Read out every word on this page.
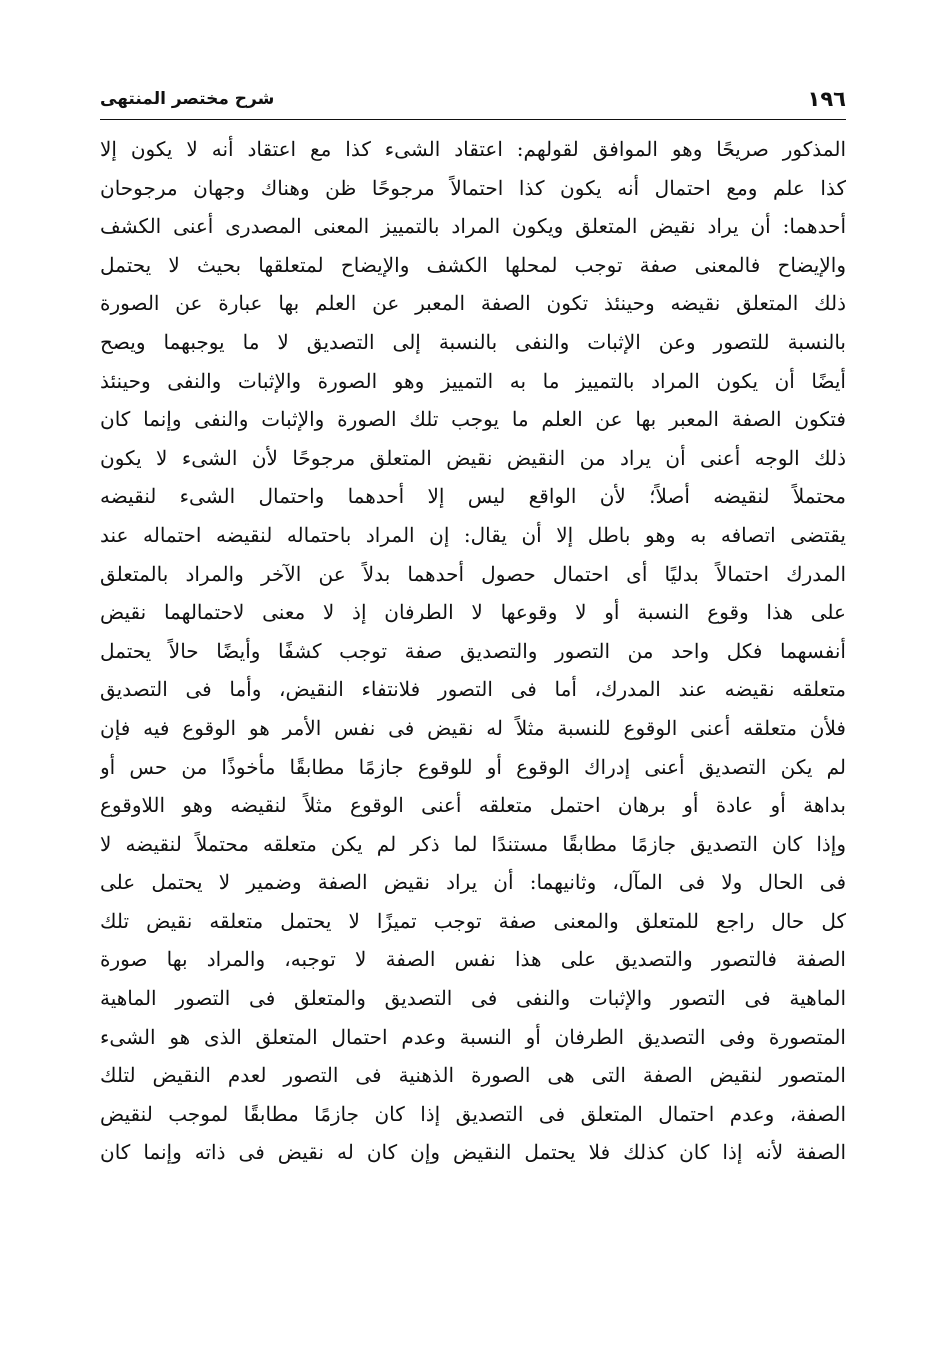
١٩٦
شرح مختصر المنتهى
المذكور صريحًا وهو الموافق لقولهم: اعتقاد الشىء كذا مع اعتقاد أنه لا يكون إلا
كذا علم ومع احتمال أنه يكون كذا احتمالاً مرجوحًا ظن وهناك وجهان مرجوحان
أحدهما: أن يراد نقيض المتعلق ويكون المراد بالتمييز المعنى المصدرى أعنى الكشف
والإيضاح فالمعنى صفة توجب لمحلها الكشف والإيضاح لمتعلقها بحيث لا يحتمل
ذلك المتعلق نقيضه وحينئذ تكون الصفة المعبر عن العلم بها عبارة عن الصورة
بالنسبة للتصور وعن الإثبات والنفى بالنسبة إلى التصديق لا ما يوجبهما ويصح
أيضًا أن يكون المراد بالتمييز ما به التمييز وهو الصورة والإثبات والنفى وحينئذ
فتكون الصفة المعبر بها عن العلم ما يوجب تلك الصورة والإثبات والنفى وإنما كان
ذلك الوجه أعنى أن يراد من النقيض نقيض المتعلق مرجوحًا لأن الشىء لا يكون
محتملاً لنقيضه أصلاً؛ لأن الواقع ليس إلا أحدهما واحتمال الشىء لنقيضه
يقتضى اتصافه به وهو باطل إلا أن يقال: إن المراد باحتماله لنقيضه احتماله عند
المدرك احتمالاً بدليًا أى احتمال حصول أحدهما بدلاً عن الآخر والمراد بالمتعلق
على هذا وقوع النسبة أو لا وقوعها لا الطرفان إذ لا معنى لاحتمالهما نقيض
أنفسهما فكل واحد من التصور والتصديق صفة توجب كشفًا وأيضًا حالاً يحتمل
متعلقه نقيضه عند المدرك، أما فى التصور فلانتفاء النقيض، وأما فى التصديق
فلأن متعلقه أعنى الوقوع للنسبة مثلاً له نقيض فى نفس الأمر هو الوقوع فيه فإن
لم يكن التصديق أعنى إدراك الوقوع أو للوقوع جازمًا مطابقًا مأخوذًا من حس أو
بداهة أو عادة أو برهان احتمل متعلقه أعنى الوقوع مثلاً لنقيضه وهو اللاوقوع
وإذا كان التصديق جازمًا مطابقًا مستندًا لما ذكر لم يكن متعلقه محتملاً لنقيضه لا
فى الحال ولا فى المآل، وثانيهما: أن يراد نقيض الصفة وضمير لا يحتمل على
كل حال راجع للمتعلق والمعنى صفة توجب تميزًا لا يحتمل متعلقه نقيض تلك
الصفة فالتصور والتصديق على هذا نفس الصفة لا توجبه، والمراد بها صورة
الماهية فى التصور والإثبات والنفى فى التصديق والمتعلق فى التصور الماهية
المتصورة وفى التصديق الطرفان أو النسبة وعدم احتمال المتعلق الذى هو الشىء
المتصور لنقيض الصفة التى هى الصورة الذهنية فى التصور لعدم النقيض لتلك
الصفة، وعدم احتمال المتعلق فى التصديق إذا كان جازمًا مطابقًا لموجب لنقيض
الصفة لأنه إذا كان كذلك فلا يحتمل النقيض وإن كان له نقيض فى ذاته وإنما كان
